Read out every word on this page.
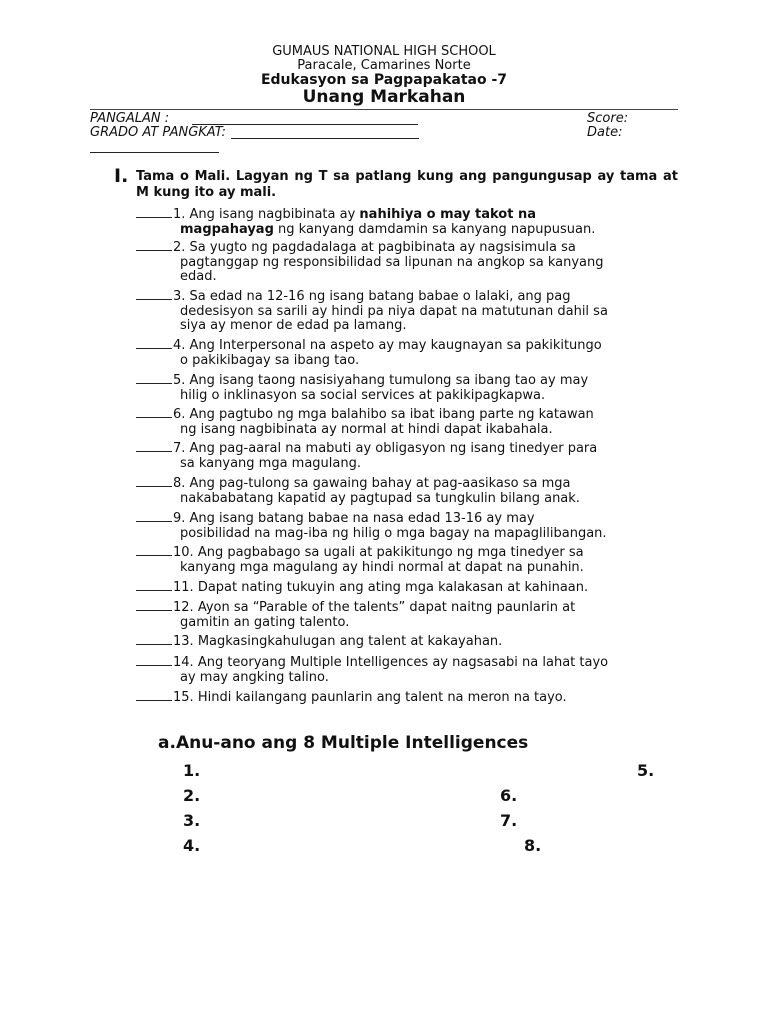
GUMAUS NATIONAL HIGH SCHOOL
Paracale, Camarines Norte
Edukasyon sa Pagpapakatao -7
Unang Markahan
PANGALAN :
GRADO AT PANGKAT:
Score:
Date:
I. Tama o Mali. Lagyan ng T sa patlang kung ang pangungusap ay tama at M kung ito ay mali.
1. Ang isang nagbibinata ay nahihiya o may takot na
magpahayag ng kanyang damdamin sa kanyang napupusuan.
2. Sa yugto ng pagdadalaga at pagbibinata ay nagsisimula sa
pagtanggap ng responsibilidad sa lipunan na angkop sa kanyang
edad.
3. Sa edad na 12-16 ng isang batang babae o lalaki, ang pag
dedesisyon sa sarili ay hindi pa niya dapat na matutunan dahil sa
siya ay menor de edad pa lamang.
4. Ang Interpersonal na aspeto ay may kaugnayan sa pakikitungo
o pakikibagay sa ibang tao.
5. Ang isang taong nasisiyahang tumulong sa ibang tao ay may
hilig o inklinasyon sa social services at pakikipagkapwa.
6. Ang pagtubo ng mga balahibo sa ibat ibang parte ng katawan
ng isang nagbibinata ay normal at hindi dapat ikabahala.
7. Ang pag-aaral na mabuti ay obligasyon ng isang tinedyer para
sa kanyang mga magulang.
8. Ang pag-tulong sa gawaing bahay at pag-aasikaso sa mga
nakababatang kapatid ay pagtupad sa tungkulin bilang anak.
9. Ang isang batang babae na nasa edad 13-16 ay may
posibilidad na mag-iba ng hilig o mga bagay na mapaglilibangan.
10. Ang pagbabago sa ugali at pakikitungo ng mga tinedyer sa
kanyang mga magulang ay hindi normal at dapat na punahin.
11. Dapat nating tukuyin ang ating mga kalakasan at kahinaan.
12. Ayon sa “Parable of the talents” dapat naitng paunlarin at
gamitin an gating talento.
13. Magkasingkahulugan ang talent at kakayahan.
14. Ang teoryang Multiple Intelligences ay nagsasabi na lahat tayo
ay may angking talino.
15. Hindi kailangang paunlarin ang talent na meron na tayo.
a.Anu-ano ang 8 Multiple Intelligences
1.
2.
3.
4.
5.
6.
7.
8.
